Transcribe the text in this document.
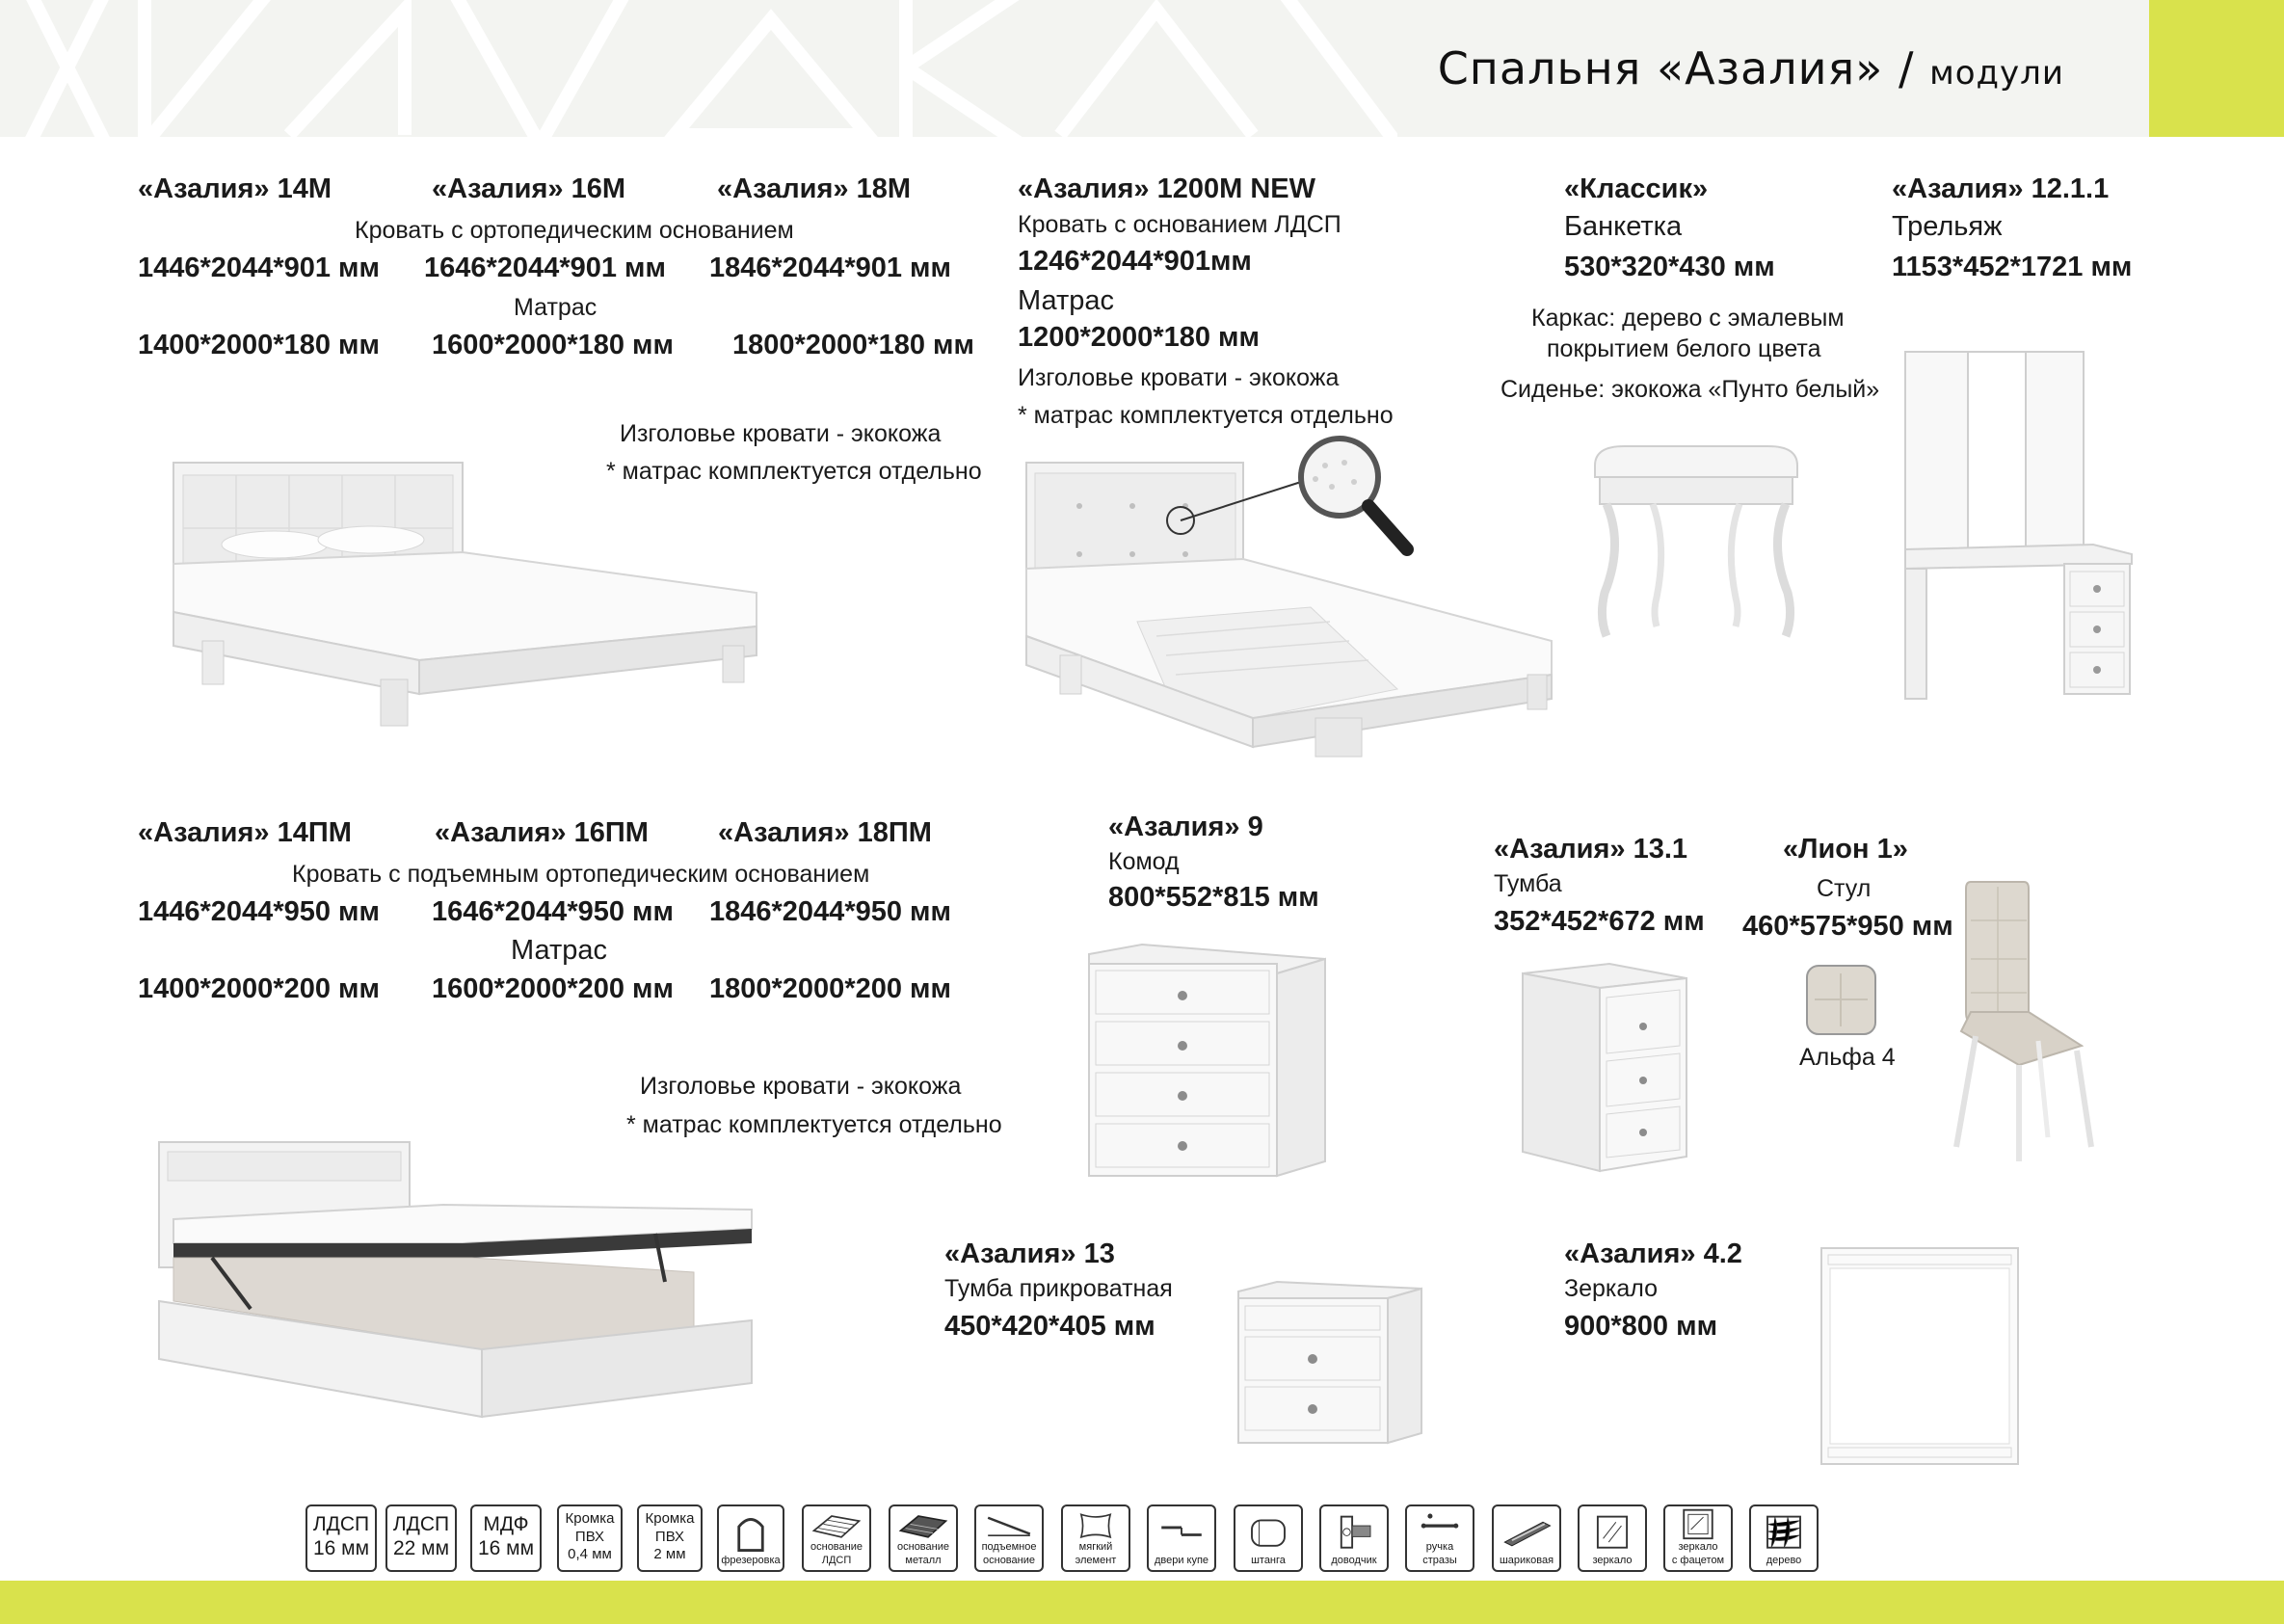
Спальня «Азалия» / модули
«Азалия» 14М	«Азалия» 16М	«Азалия» 18М
Кровать с ортопедическим основанием
1446*2044*901 мм 1646*2044*901 мм 1846*2044*901 мм
Матрас
1400*2000*180 мм 1600*2000*180 мм 1800*2000*180 мм
Изголовье кровати - экокожа
* матрас комплектуется отдельно
«Азалия» 1200М NEW
Кровать с основанием ЛДСП
1246*2044*901мм
Матрас
1200*2000*180 мм
Изголовье кровати - экокожа
* матрас комплектуется отдельно
«Классик»
Банкетка
530*320*430 мм
Каркас: дерево с эмалевым
покрытием белого цвета
Сиденье: экокожа «Пунто белый»
«Азалия» 12.1.1
Трельяж
1153*452*1721 мм
«Азалия» 14ПМ	«Азалия» 16ПМ «Азалия» 18ПМ
Кровать с подъемным ортопедическим основанием
1446*2044*950 мм 1646*2044*950 мм 1846*2044*950 мм
Матрас
1400*2000*200 мм 1600*2000*200 мм 1800*2000*200 мм
Изголовье кровати - экокожа
* матрас комплектуется отдельно
«Азалия» 9
Комод
800*552*815 мм
«Азалия» 13.1
Тумба
352*452*672 мм
«Лион 1»
Стул
460*575*950 мм
Альфа 4
«Азалия» 13
Тумба прикроватная
450*420*405 мм
«Азалия» 4.2
Зеркало
900*800 мм
ЛДСП
16 мм
ЛДСП
22 мм
МДФ
16 мм
Кромка
ПВХ
0,4 мм
Кромка
ПВХ
2 мм	фрезеровка
основание
ЛДСП
основание
металл
подъемное
основание
мягкий
элемент	двери купе	штанга	доводчик
ручка
стразы	шариковая	зеркало
зеркало
с фацетом	дерево
